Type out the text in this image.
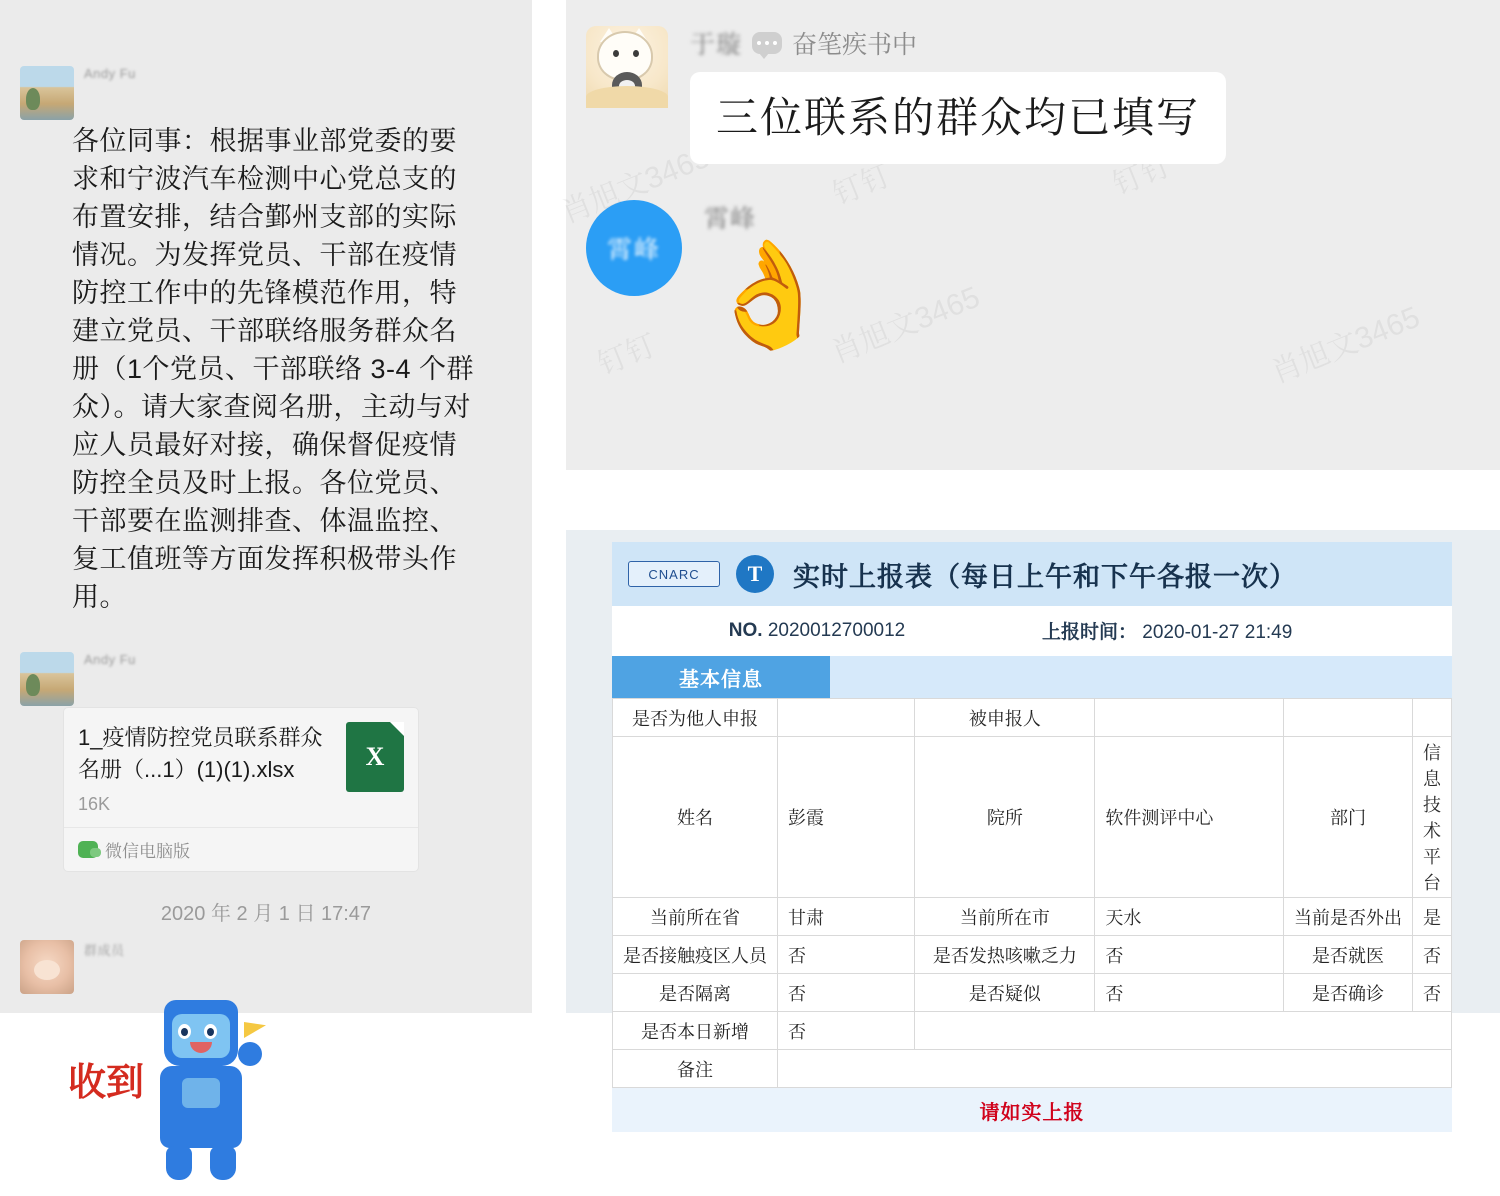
Andy Fu
各位同事：根据事业部党委的要求和宁波汽车检测中心党总支的布置安排，结合鄞州支部的实际情况。为发挥党员、干部在疫情防控工作中的先锋模范作用，特建立党员、干部联络服务群众名册（1个党员、干部联络 3-4 个群众）。请大家查阅名册，主动与对应人员最好对接，确保督促疫情防控全员及时上报。各位党员、干部要在监测排查、体温监控、复工值班等方面发挥积极带头作用。
Andy Fu
1_疫情防控党员联系群众名册（...1）(1)(1).xlsx
16K
X
微信电脑版
2020 年 2 月 1 日 17:47
群成员
收到
肖旭文3465
钉钉	肖旭文3465
钉钉
肖旭文3465
钉钉
于璇 奋笔疾书中
三位联系的群众均已填写
霄峰
霄峰
👌
CNARC	T	实时上报表（每日上午和下午各报一次）
NO. 2020012700012	上报时间： 2020-01-27 21:49
基本信息
是否为他人申报		被申报人			
姓名	彭霞	院所	软件测评中心	部门	信息技术平台
当前所在省	甘肃	当前所在市	天水	当前是否外出	是
是否接触疫区人员	否	是否发热咳嗽乏力	否	是否就医	否
是否隔离	否	是否疑似	否	是否确诊	否
是否本日新增	否				
备注					
请如实上报
